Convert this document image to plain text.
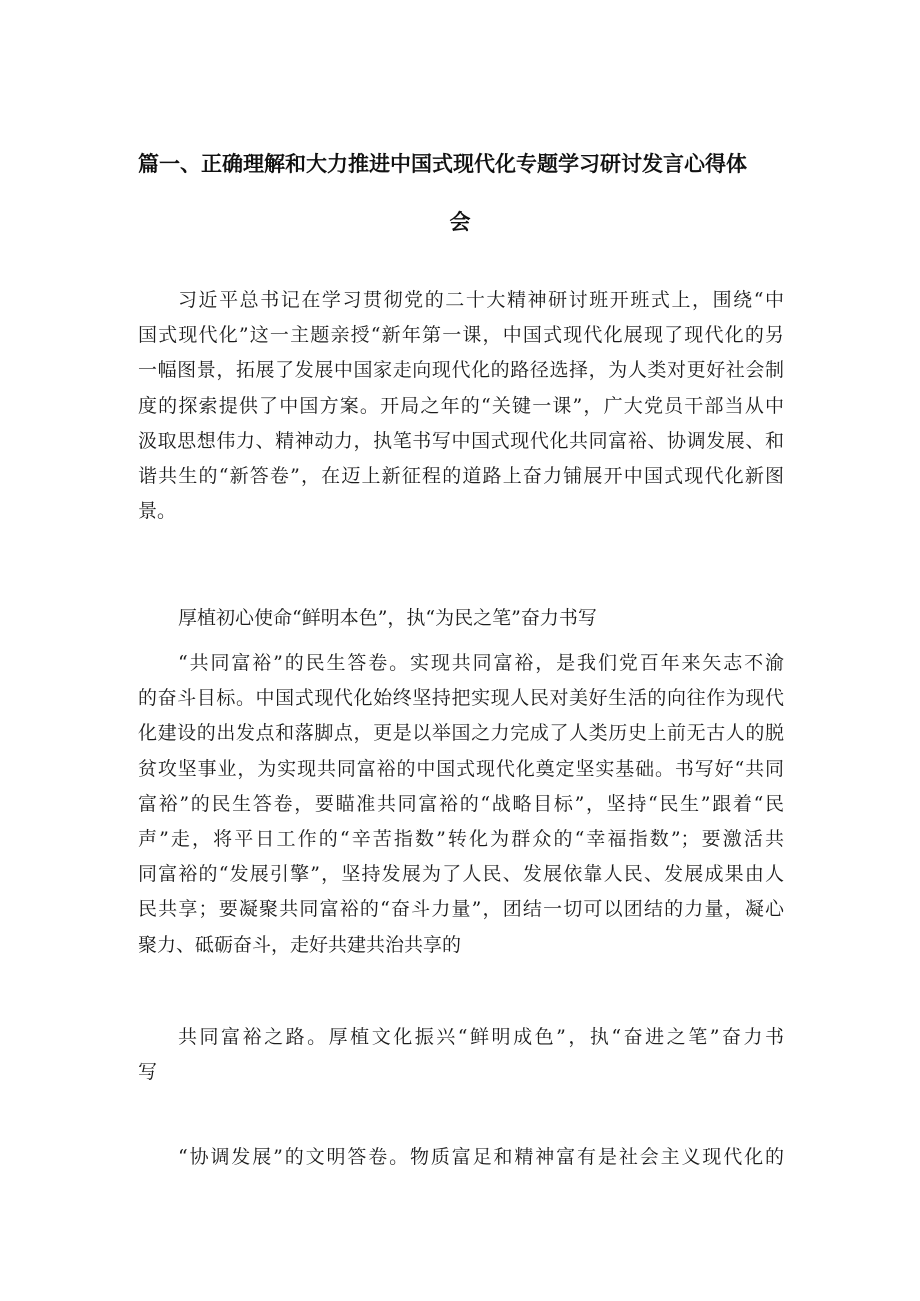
篇一、正确理解和大力推进中国式现代化专题学习研讨发言心得体
会
习近平总书记在学习贯彻党的二十大精神研讨班开班式上，围绕“中
国式现代化”这一主题亲授“新年第一课，中国式现代化展现了现代化的另
一幅图景，拓展了发展中国家走向现代化的路径选择，为人类对更好社会制
度的探索提供了中国方案。开局之年的“关键一课”，广大党员干部当从中
汲取思想伟力、精神动力，执笔书写中国式现代化共同富裕、协调发展、和
谐共生的“新答卷”，在迈上新征程的道路上奋力铺展开中国式现代化新图
景。
厚植初心使命“鲜明本色”，执“为民之笔”奋力书写
“共同富裕”的民生答卷。实现共同富裕，是我们党百年来矢志不渝
的奋斗目标。中国式现代化始终坚持把实现人民对美好生活的向往作为现代
化建设的出发点和落脚点，更是以举国之力完成了人类历史上前无古人的脱
贫攻坚事业，为实现共同富裕的中国式现代化奠定坚实基础。书写好“共同
富裕”的民生答卷，要瞄准共同富裕的“战略目标”，坚持“民生”跟着“民
声”走，将平日工作的“辛苦指数”转化为群众的“幸福指数”；要激活共
同富裕的“发展引擎”，坚持发展为了人民、发展依靠人民、发展成果由人
民共享；要凝聚共同富裕的“奋斗力量”，团结一切可以团结的力量，凝心
聚力、砥砺奋斗，走好共建共治共享的
共同富裕之路。厚植文化振兴“鲜明成色”，执“奋进之笔”奋力书
写
“协调发展”的文明答卷。物质富足和精神富有是社会主义现代化的
